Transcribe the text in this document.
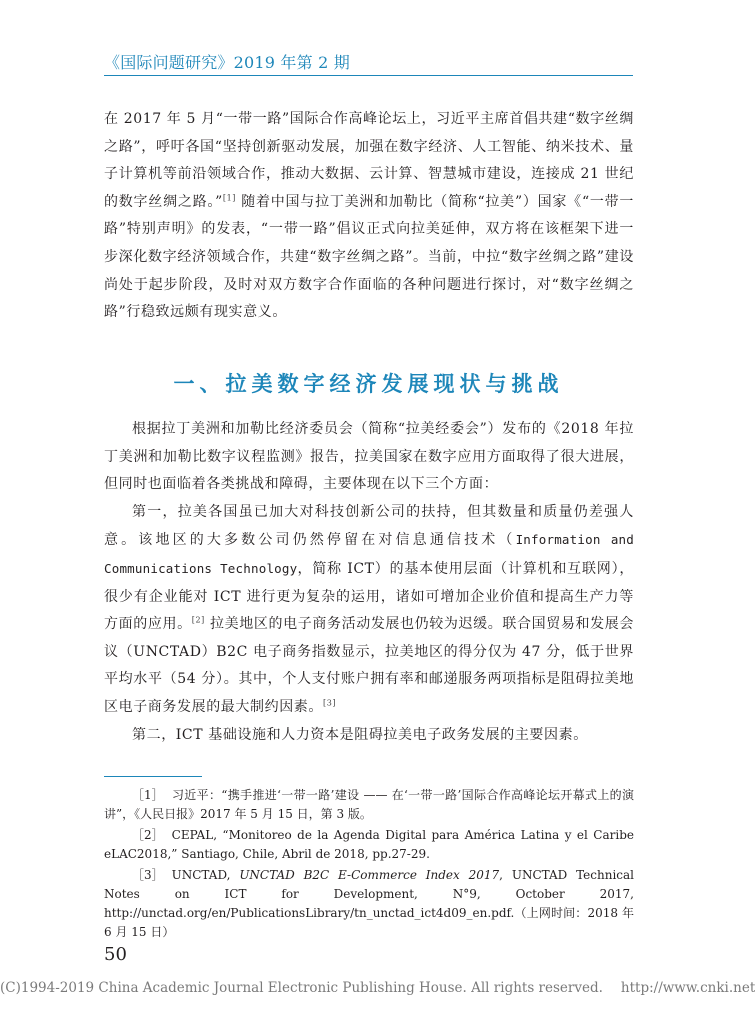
《国际问题研究》2019 年第 2 期

在 2017 年 5 月“一带一路”国际合作高峰论坛上，习近平主席首倡共建“数字丝绸之路”，呼吁各国“坚持创新驱动发展，加强在数字经济、人工智能、纳米技术、量子计算机等前沿领域合作，推动大数据、云计算、智慧城市建设，连接成 21 世纪的数字丝绸之路。”[1] 随着中国与拉丁美洲和加勒比（简称“拉美”）国家《“一带一路”特别声明》的发表，“一带一路”倡议正式向拉美延伸，双方将在该框架下进一步深化数字经济领域合作，共建“数字丝绸之路”。当前，中拉“数字丝绸之路”建设尚处于起步阶段，及时对双方数字合作面临的各种问题进行探讨，对“数字丝绸之路”行稳致远颇有现实意义。

一、拉美数字经济发展现状与挑战
根据拉丁美洲和加勒比经济委员会（简称“拉美经委会”）发布的《2018 年拉丁美洲和加勒比数字议程监测》报告，拉美国家在数字应用方面取得了很大进展，但同时也面临着各类挑战和障碍，主要体现在以下三个方面：
第一，拉美各国虽已加大对科技创新公司的扶持，但其数量和质量仍差强人意。该地区的大多数公司仍然停留在对信息通信技术（Information and Communications Technology，简称 ICT）的基本使用层面（计算机和互联网），很少有企业能对 ICT 进行更为复杂的运用，诸如可增加企业价值和提高生产力等方面的应用。[2] 拉美地区的电子商务活动发展也仍较为迟缓。联合国贸易和发展会议（UNCTAD）B2C 电子商务指数显示，拉美地区的得分仅为 47 分，低于世界平均水平（54 分）。其中，个人支付账户拥有率和邮递服务两项指标是阻碍拉美地区电子商务发展的最大制约因素。[3]
第二，ICT 基础设施和人力资本是阻碍拉美电子政务发展的主要因素。

［1］ 习近平：“携手推进‘一带一路’建设 —— 在‘一带一路’国际合作高峰论坛开幕式上的演讲”，《人民日报》2017 年 5 月 15 日，第 3 版。

［2］ CEPAL, “Monitoreo de la Agenda Digital para América Latina y el Caribe eLAC2018,” Santiago, Chile, Abril de 2018, pp.27-29.

［3］ UNCTAD, UNCTAD B2C E-Commerce Index 2017, UNCTAD Technical Notes on ICT for Development, N°9, October 2017, http://unctad.org/en/PublicationsLibrary/tn_unctad_ict4d09_en.pdf.（上网时间：2018 年 6 月 15 日）

50
(C)1994-2019 China Academic Journal Electronic Publishing House. All rights reserved. http://www.cnki.net
